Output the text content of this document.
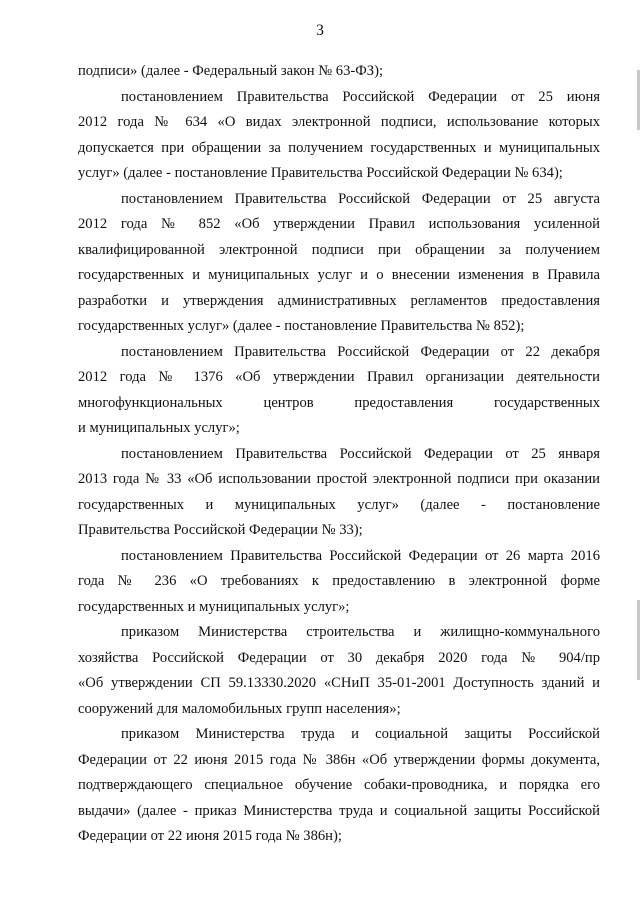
3

подписи» (далее - Федеральный закон № 63-ФЗ);

постановлением Правительства Российской Федерации от 25 июня
2012 года № 634 «О видах электронной подписи, использование которых
допускается при обращении за получением государственных и муниципальных
услуг» (далее - постановление Правительства Российской Федерации № 634);

постановлением Правительства Российской Федерации от 25 августа
2012 года № 852 «Об утверждении Правил использования усиленной
квалифицированной электронной подписи при обращении за получением
государственных и муниципальных услуг и о внесении изменения в Правила
разработки и утверждения административных регламентов предоставления
государственных услуг» (далее - постановление Правительства № 852);

постановлением Правительства Российской Федерации от 22 декабря
2012 года № 1376 «Об утверждении Правил организации деятельности
многофункциональных центров предоставления государственных
и муниципальных услуг»;

постановлением Правительства Российской Федерации от 25 января
2013 года № 33 «Об использовании простой электронной подписи при оказании
государственных и муниципальных услуг» (далее - постановление
Правительства Российской Федерации № 33);

постановлением Правительства Российской Федерации от 26 марта 2016
года № 236 «О требованиях к предоставлению в электронной форме
государственных и муниципальных услуг»;

приказом Министерства строительства и жилищно-коммунального
хозяйства Российской Федерации от 30 декабря 2020 года № 904/пр
«Об утверждении СП 59.13330.2020 «СНиП 35-01-2001 Доступность зданий и
сооружений для маломобильных групп населения»;

приказом Министерства труда и социальной защиты Российской
Федерации от 22 июня 2015 года № 386н «Об утверждении формы документа,
подтверждающего специальное обучение собаки-проводника, и порядка его
выдачи» (далее - приказ Министерства труда и социальной защиты Российской
Федерации от 22 июня 2015 года № 386н);
